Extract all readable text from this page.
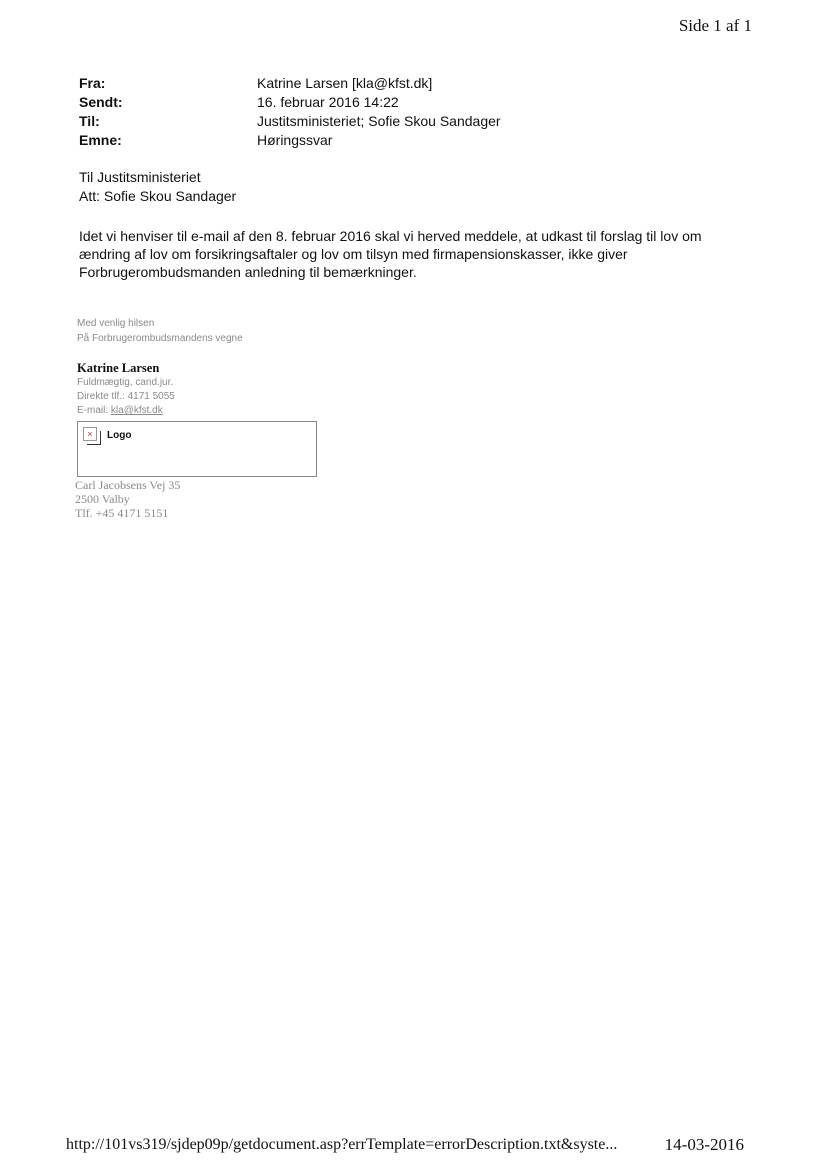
Side 1 af 1
Fra:	Katrine Larsen [kla@kfst.dk]
Sendt:	16. februar 2016 14:22
Til:	Justitsministeriet; Sofie Skou Sandager
Emne:	Høringssvar
Til Justitsministeriet
Att: Sofie Skou Sandager
Idet vi henviser til e-mail af den 8. februar 2016 skal vi herved meddele, at udkast til forslag til lov om ændring af lov om forsikringsaftaler og lov om tilsyn med firmapensionskasser, ikke giver Forbrugerombudsmanden anledning til bemærkninger.
Med venlig hilsen
På Forbrugerombudsmandens vegne
Katrine Larsen
Fuldmægtig, cand.jur.
Direkte tlf.: 4171 5055
E-mail: kla@kfst.dk
×	Logo
Carl Jacobsens Vej 35
2500 Valby
Tlf. +45 4171 5151
http://101vs319/sjdep09p/getdocument.asp?errTemplate=errorDescription.txt&syste...	14-03-2016
